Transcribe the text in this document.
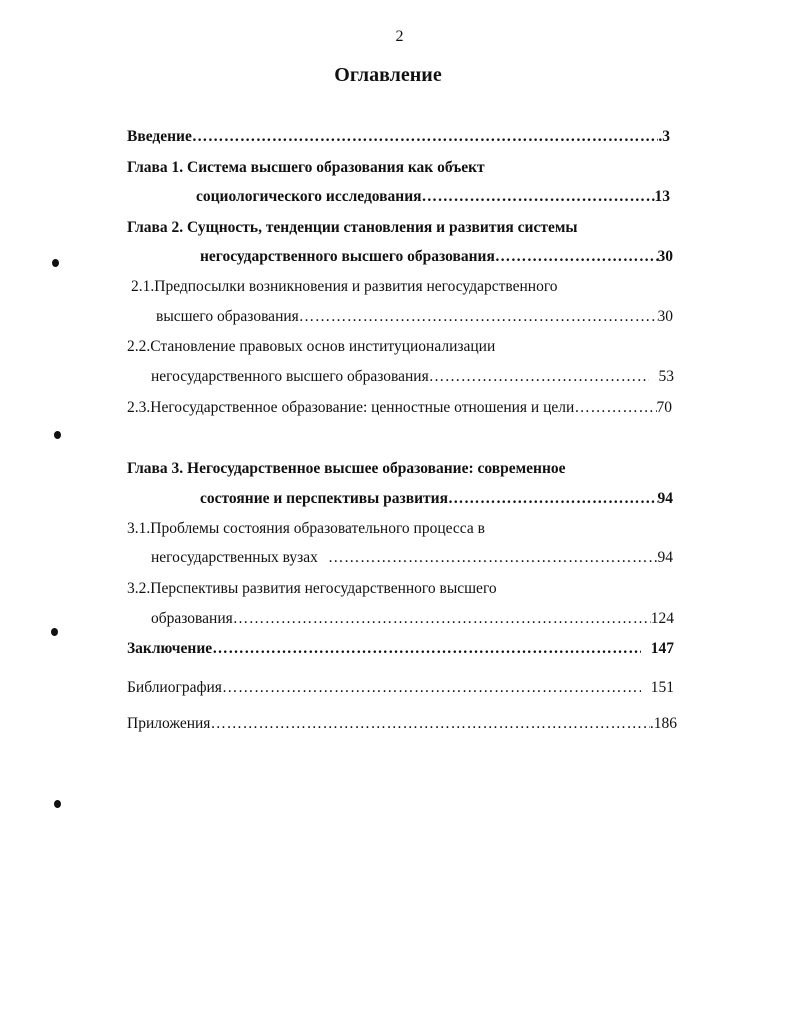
2
Оглавление
Введение …………………………………………………………………………………………………………………………………………………………………………	.3
Глава 1. Система высшего образования как объект
социологического исследования …………………………………………………………………………………………………………………………………………………………………………	13
Глава 2. Сущность, тенденции становления и развития системы
негосударственного высшего образования …………………………………………………………………………………………………………………………………………………………………………	30
2.1.Предпосылки возникновения и развития негосударственного
высшего образования …………………………………………………………………………………………………………………………………………………………………………	30
2.2.Становление правовых основ институционализации
негосударственного высшего образования …………………………………………………………………………………………………………………………………………………………………………	53
2.3.Негосударственное образование: ценностные отношения и цели …………………………………………………………………………………………………………………………………………………………………………	70
Глава 3. Негосударственное высшее образование: современное
состояние и перспективы развития …………………………………………………………………………………………………………………………………………………………………………	94
3.1.Проблемы состояния образовательного процесса в
негосударственных вузах …………………………………………………………………………………………………………………………………………………………………………	94
3.2.Перспективы развития негосударственного высшего
образования …………………………………………………………………………………………………………………………………………………………………………	124
Заключение …………………………………………………………………………………………………………………………………………………………………………	147
Библиография …………………………………………………………………………………………………………………………………………………………………………	151
Приложения …………………………………………………………………………………………………………………………………………………………………………	.186
